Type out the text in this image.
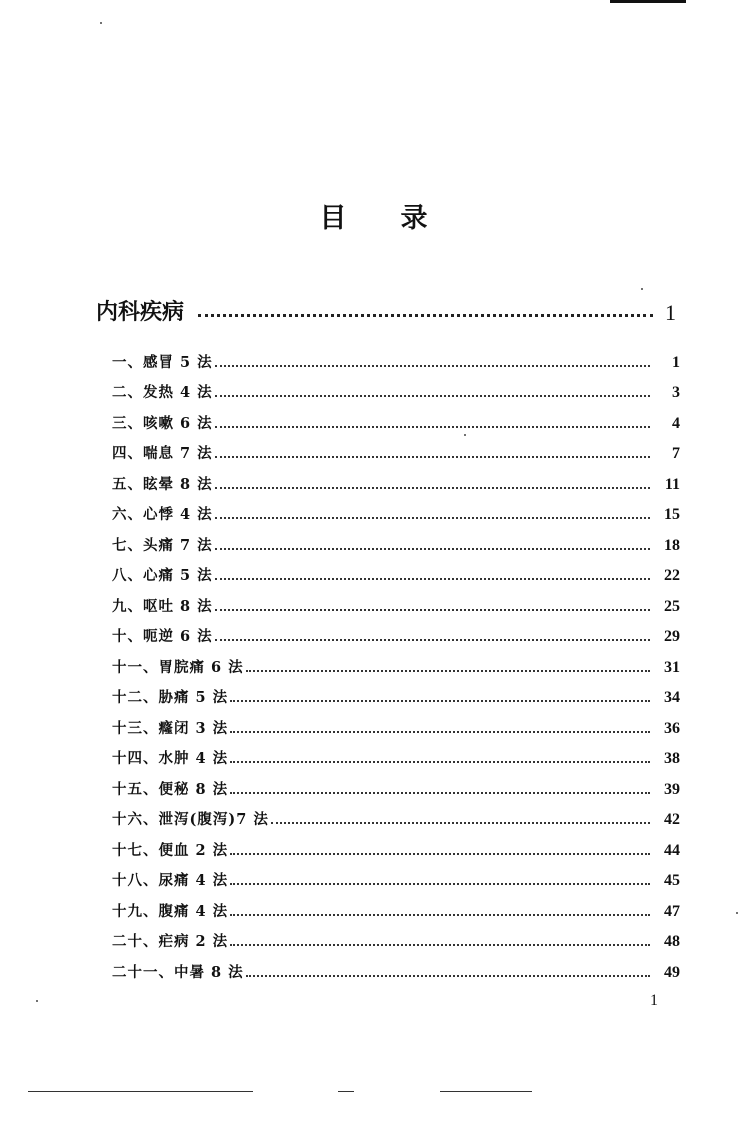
目录
内科疾病	1
一、感冒 5 法	1
二、发热 4 法	3
三、咳嗽 6 法	4
四、喘息 7 法	7
五、眩晕 8 法	11
六、心悸 4 法	15
七、头痛 7 法	18
八、心痛 5 法	22
九、呕吐 8 法	25
十、呃逆 6 法	29
十一、胃脘痛 6 法	31
十二、胁痛 5 法	34
十三、癃闭 3 法	36
十四、水肿 4 法	38
十五、便秘 8 法	39
十六、泄泻(腹泻)7 法	42
十七、便血 2 法	44
十八、尿痛 4 法	45
十九、腹痛 4 法	47
二十、疟病 2 法	48
二十一、中暑 8 法	49
1
